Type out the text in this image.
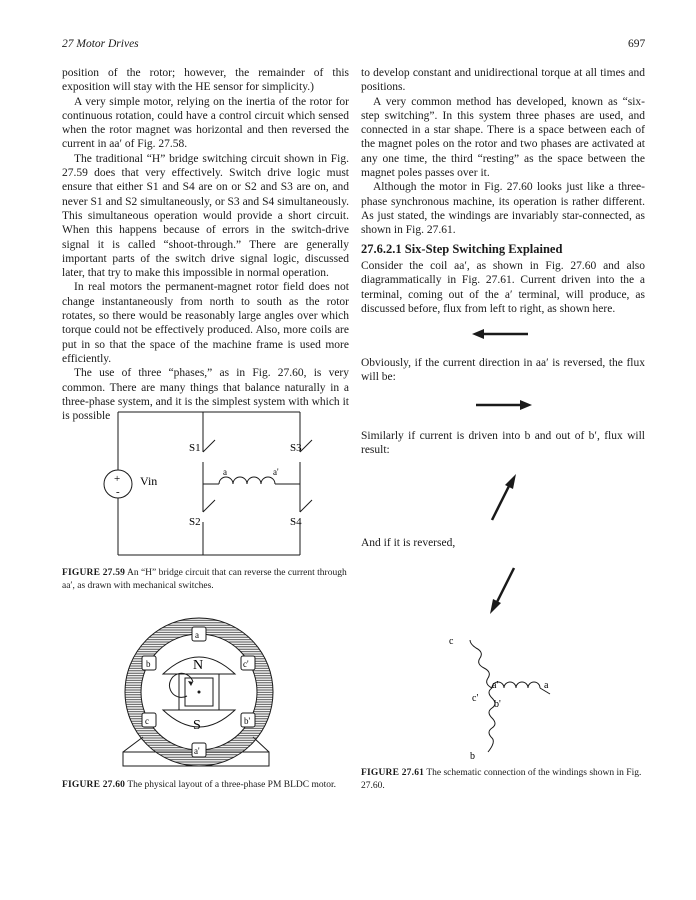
27 Motor Drives	697

position of the rotor; however, the remainder of this exposition will stay with the HE sensor for simplicity.)

A very simple motor, relying on the inertia of the rotor for continuous rotation, could have a control circuit which sensed when the rotor magnet was horizontal and then reversed the current in aa′ of Fig. 27.58.

The traditional “H” bridge switching circuit shown in Fig. 27.59 does that very effectively. Switch drive logic must ensure that either S1 and S4 are on or S2 and S3 are on, and never S1 and S2 simultaneously, or S3 and S4 simultaneously. This simultaneous operation would provide a short circuit. When this happens because of errors in the switch-drive signal it is called “shoot-through.” There are generally important parts of the switch drive signal logic, discussed later, that try to make this impossible in normal operation.

In real motors the permanent-magnet rotor field does not change instantaneously from north to south as the rotor rotates, so there would be reasonably large angles over which torque could not be effectively produced. Also, more coils are put in so that the space of the machine frame is used more efficiently.

The use of three “phases,” as in Fig. 27.60, is very common. There are many things that balance naturally in a three-phase system, and it is the simplest system with which it is possible

to develop constant and unidirectional torque at all times and positions.

A very common method has developed, known as “six-step switching”. In this system three phases are used, and connected in a star shape. There is a space between each of the magnet poles on the rotor and two phases are activated at any one time, the third “resting” as the space between the magnet poles passes over it.

Although the motor in Fig. 27.60 looks just like a three-phase synchronous machine, its operation is rather different. As just stated, the windings are invariably star-connected, as shown in Fig. 27.61.

27.6.2.1 Six-Step Switching Explained

Consider the coil aa′, as shown in Fig. 27.60 and also diagrammatically in Fig. 27.61. Current driven into the a terminal, coming out of the a′ terminal, will produce, as discussed before, flux from left to right, as shown here.

Obviously, if the current direction in aa′ is reversed, the flux will be:

Similarly if current is driven into b and out of b′, flux will result:

And if it is reversed,

S1
S2
S3
S4
Vin
+
-
a	a'
FIGURE 27.59 An “H” bridge circuit that can reverse the current through aa′, as drawn with mechanical switches.
N
S
a
a'
b
b'
c
c'
FIGURE 27.60 The physical layout of a three-phase PM BLDC motor.
c
a
a'
c'
b'
b
FIGURE 27.61 The schematic connection of the windings shown in Fig. 27.60.
